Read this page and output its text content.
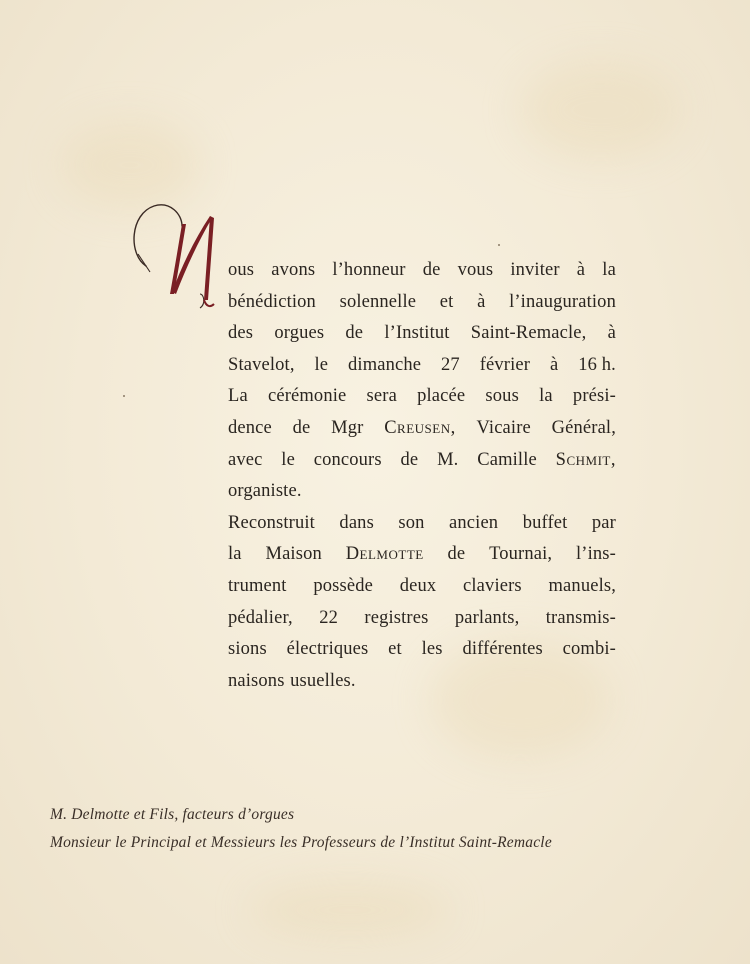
ous avons l’honneur de vous inviter à la
bénédiction solennelle et à l’inauguration
des orgues de l’Institut Saint-Remacle, à
Stavelot, le dimanche 27 février à 16 h.
La cérémonie sera placée sous la prési-
dence de Mgr Creusen, Vicaire Général,
avec le concours de M. Camille Schmit,
organiste.
Reconstruit dans son ancien buffet par
la Maison Delmotte de Tournai, l’ins-
trument possède deux claviers manuels,
pédalier, 22 registres parlants, transmis-
sions électriques et les différentes combi-
naisons usuelles.
M. Delmotte et Fils, facteurs d’orgues
Monsieur le Principal et Messieurs les Professeurs de l’Institut Saint-Remacle
